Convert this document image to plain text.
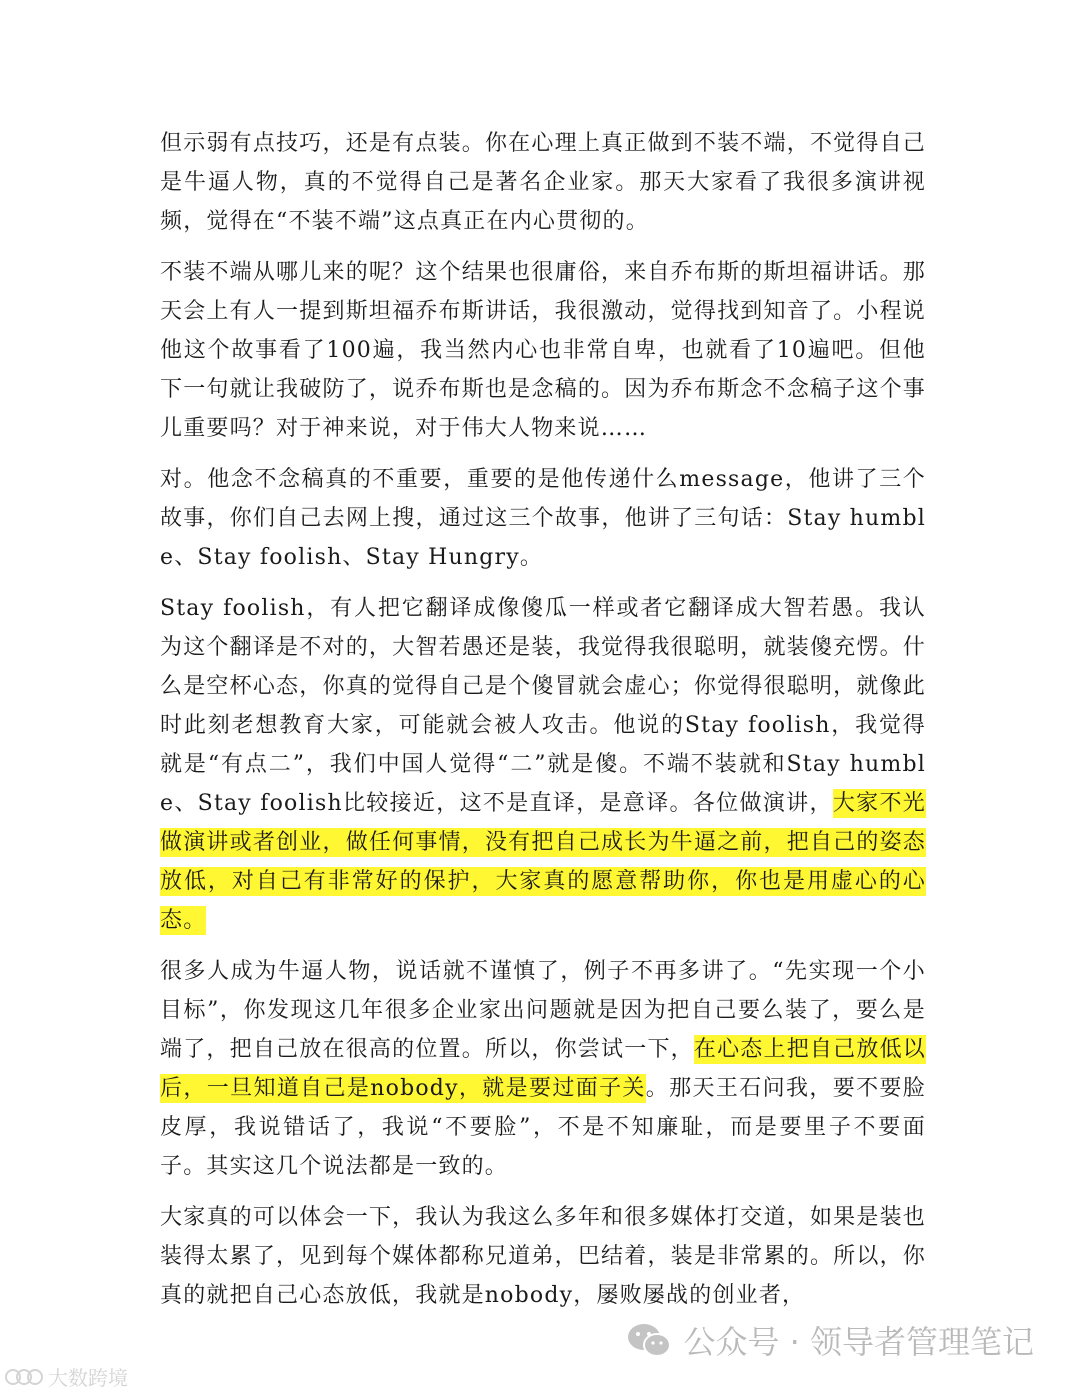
但示弱有点技巧，还是有点装。你在心理上真正做到不装不端，不觉得自己是牛逼人物，真的不觉得自己是著名企业家。那天大家看了我很多演讲视频，觉得在“不装不端”这点真正在内心贯彻的。

不装不端从哪儿来的呢？这个结果也很庸俗，来自乔布斯的斯坦福讲话。那天会上有人一提到斯坦福乔布斯讲话，我很激动，觉得找到知音了。小程说他这个故事看了100遍，我当然内心也非常自卑，也就看了10遍吧。但他下一句就让我破防了，说乔布斯也是念稿的。因为乔布斯念不念稿子这个事儿重要吗？对于神来说，对于伟大人物来说……

对。他念不念稿真的不重要，重要的是他传递什么message，他讲了三个故事，你们自己去网上搜，通过这三个故事，他讲了三句话：Stay humble、Stay foolish、Stay Hungry。

Stay foolish，有人把它翻译成像傻瓜一样或者它翻译成大智若愚。我认为这个翻译是不对的，大智若愚还是装，我觉得我很聪明，就装傻充愣。什么是空杯心态，你真的觉得自己是个傻冒就会虚心；你觉得很聪明，就像此时此刻老想教育大家，可能就会被人攻击。他说的Stay foolish，我觉得就是“有点二”，我们中国人觉得“二”就是傻。不端不装就和Stay humble、Stay foolish比较接近，这不是直译，是意译。各位做演讲，大家不光做演讲或者创业，做任何事情，没有把自己成长为牛逼之前，把自己的姿态放低，对自己有非常好的保护，大家真的愿意帮助你，你也是用虚心的心态。

很多人成为牛逼人物，说话就不谨慎了，例子不再多讲了。“先实现一个小目标”，你发现这几年很多企业家出问题就是因为把自己要么装了，要么是端了，把自己放在很高的位置。所以，你尝试一下，在心态上把自己放低以后，一旦知道自己是nobody，就是要过面子关。那天王石问我，要不要脸皮厚，我说错话了，我说“不要脸”，不是不知廉耻，而是要里子不要面子。其实这几个说法都是一致的。

大家真的可以体会一下，我认为我这么多年和很多媒体打交道，如果是装也装得太累了，见到每个媒体都称兄道弟，巴结着，装是非常累的。所以，你真的就把自己心态放低，我就是nobody，屡败屡战的创业者，

公众号 · 领导者管理笔记
大数跨境
